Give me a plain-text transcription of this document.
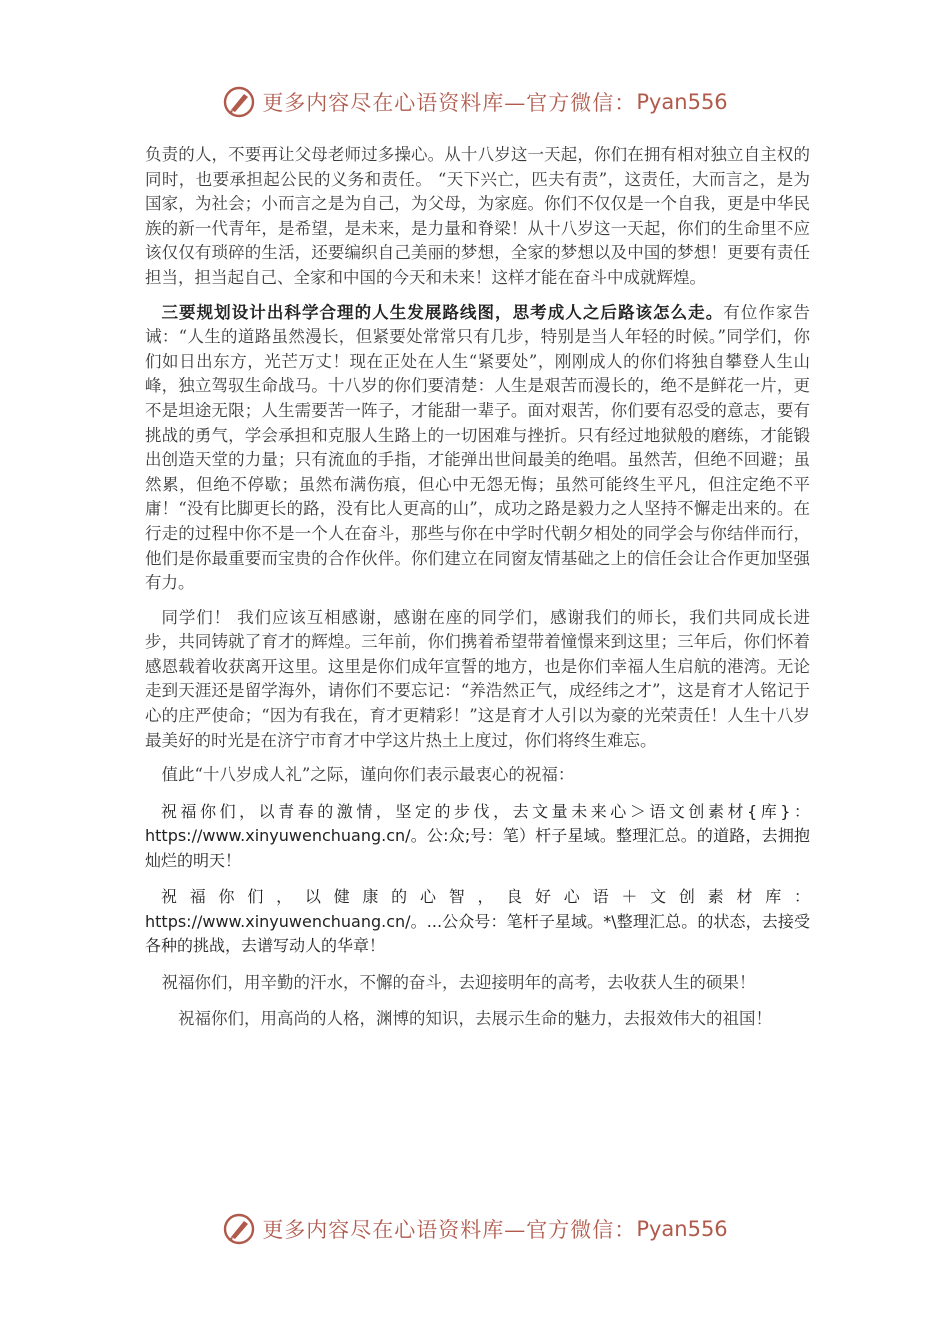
更多内容尽在心语资料库—官方微信： Pyan556

负责的人，不要再让父母老师过多操心。从十八岁这一天起，你们在拥有相对独立自主权的同时，也要承担起公民的义务和责任。 “天下兴亡，匹夫有责”，这责任，大而言之，是为国家，为社会；小而言之是为自己，为父母，为家庭。你们不仅仅是一个自我，更是中华民族的新一代青年，是希望，是未来，是力量和脊梁！从十八岁这一天起，你们的生命里不应该仅仅有琐碎的生活，还要编织自己美丽的梦想，全家的梦想以及中国的梦想！更要有责任担当，担当起自己、全家和中国的今天和未来！这样才能在奋斗中成就辉煌。

三要规划设计出科学合理的人生发展路线图，思考成人之后路该怎么走。有位作家告诫：“人生的道路虽然漫长，但紧要处常常只有几步，特别是当人年轻的时候。”同学们，你们如日出东方，光芒万丈！现在正处在人生“紧要处”，刚刚成人的你们将独自攀登人生山峰，独立驾驭生命战马。十八岁的你们要清楚：人生是艰苦而漫长的，绝不是鲜花一片，更不是坦途无限；人生需要苦一阵子，才能甜一辈子。面对艰苦，你们要有忍受的意志，要有挑战的勇气，学会承担和克服人生路上的一切困难与挫折。只有经过地狱般的磨练，才能锻出创造天堂的力量；只有流血的手指，才能弹出世间最美的绝唱。虽然苦，但绝不回避；虽然累，但绝不停歇；虽然布满伤痕，但心中无怨无悔；虽然可能终生平凡，但注定绝不平庸！“没有比脚更长的路，没有比人更高的山”，成功之路是毅力之人坚持不懈走出来的。在行走的过程中你不是一个人在奋斗，那些与你在中学时代朝夕相处的同学会与你结伴而行，他们是你最重要而宝贵的合作伙伴。你们建立在同窗友情基础之上的信任会让合作更加坚强有力。

同学们！ 我们应该互相感谢，感谢在座的同学们，感谢我们的师长，我们共同成长进步，共同铸就了育才的辉煌。三年前，你们携着希望带着憧憬来到这里；三年后，你们怀着感恩载着收获离开这里。这里是你们成年宣誓的地方，也是你们幸福人生启航的港湾。无论走到天涯还是留学海外，请你们不要忘记：“养浩然正气，成经纬之才”，这是育才人铭记于心的庄严使命；“因为有我在，育才更精彩！”这是育才人引以为豪的光荣责任！人生十八岁最美好的时光是在济宁市育才中学这片热土上度过，你们将终生难忘。

值此“十八岁成人礼”之际，谨向你们表示最衷心的祝福：

祝福你们，以青春的激情，坚定的步伐，去文量未来心＞语文创素材{库}：https://www.xinyuwenchuang.cn/。公:众;号：笔）杆子星域。整理汇总。的道路，去拥抱灿烂的明天！

祝福你们，以健康的心智，良好心语＋文创素材库：https://www.xinyuwenchuang.cn/。...公众号：笔杆子星域。*\整理汇总。的状态，去接受各种的挑战，去谱写动人的华章！

祝福你们，用辛勤的汗水，不懈的奋斗，去迎接明年的高考，去收获人生的硕果！

祝福你们，用高尚的人格，渊博的知识，去展示生命的魅力，去报效伟大的祖国！

更多内容尽在心语资料库—官方微信： Pyan556
